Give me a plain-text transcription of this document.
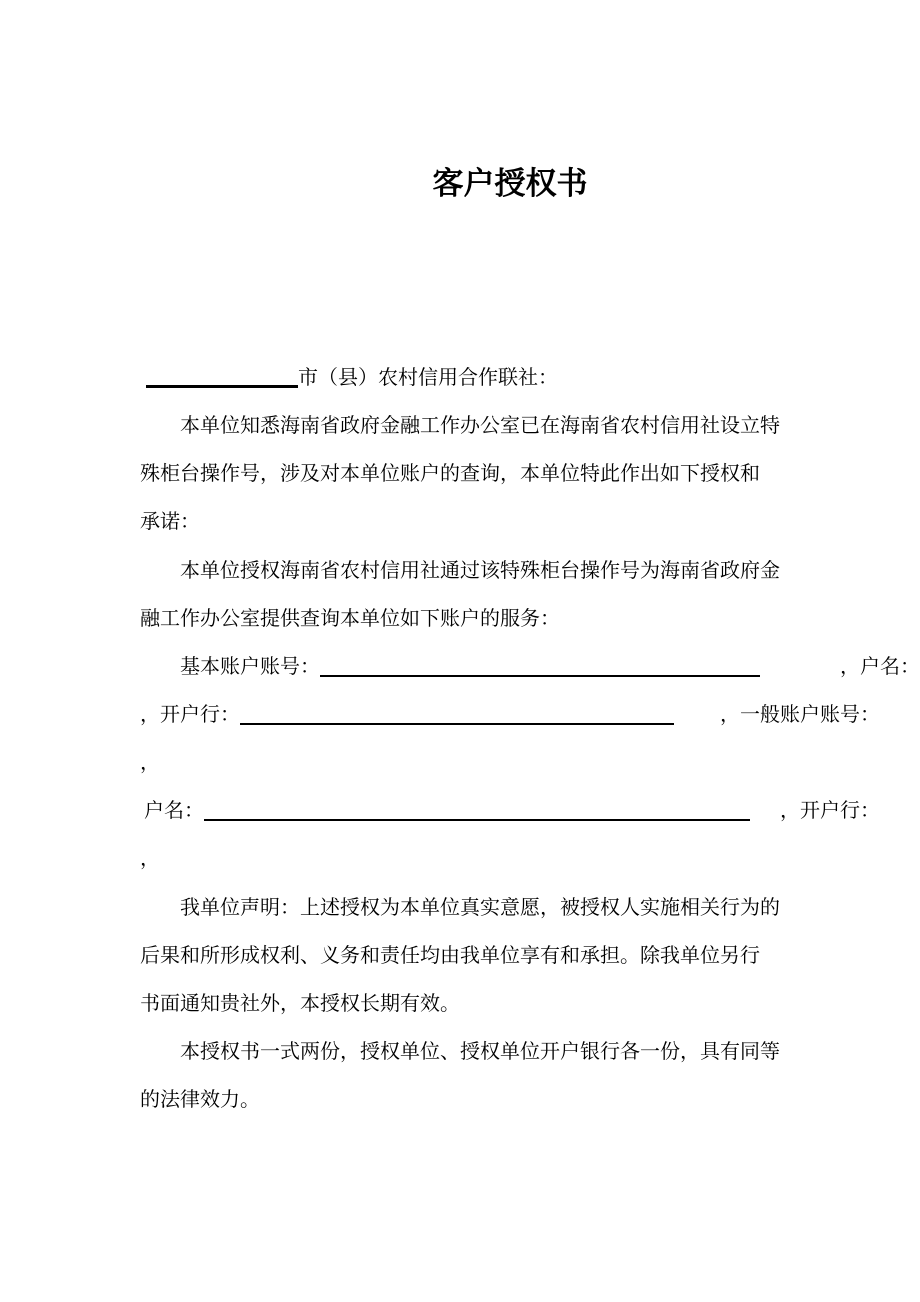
客户授权书
市（县）农村信用合作联社：
本单位知悉海南省政府金融工作办公室已在海南省农村信用社设立特
殊柜台操作号，涉及对本单位账户的查询，本单位特此作出如下授权和
承诺：
本单位授权海南省农村信用社通过该特殊柜台操作号为海南省政府金
融工作办公室提供查询本单位如下账户的服务：
基本账户账号：	，户名：
，开户行：	，一般账户账号：
，
户名：	，开户行：
，
我单位声明：上述授权为本单位真实意愿，被授权人实施相关行为的
后果和所形成权利、义务和责任均由我单位享有和承担。除我单位另行
书面通知贵社外，本授权长期有效。
本授权书一式两份，授权单位、授权单位开户银行各一份，具有同等
的法律效力。
